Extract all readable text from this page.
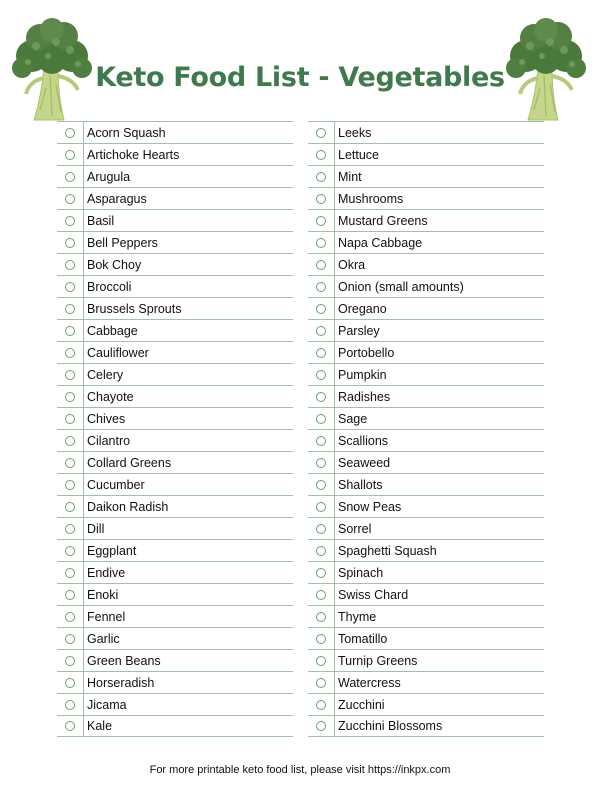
Keto Food List - Vegetables
Acorn Squash
Artichoke Hearts
Arugula
Asparagus
Basil
Bell Peppers
Bok Choy
Broccoli
Brussels Sprouts
Cabbage
Cauliflower
Celery
Chayote
Chives
Cilantro
Collard Greens
Cucumber
Daikon Radish
Dill
Eggplant
Endive
Enoki
Fennel
Garlic
Green Beans
Horseradish
Jicama
Kale
Leeks
Lettuce
Mint
Mushrooms
Mustard Greens
Napa Cabbage
Okra
Onion (small amounts)
Oregano
Parsley
Portobello
Pumpkin
Radishes
Sage
Scallions
Seaweed
Shallots
Snow Peas
Sorrel
Spaghetti Squash
Spinach
Swiss Chard
Thyme
Tomatillo
Turnip Greens
Watercress
Zucchini
Zucchini Blossoms
For more printable keto food list, please visit https://inkpx.com
